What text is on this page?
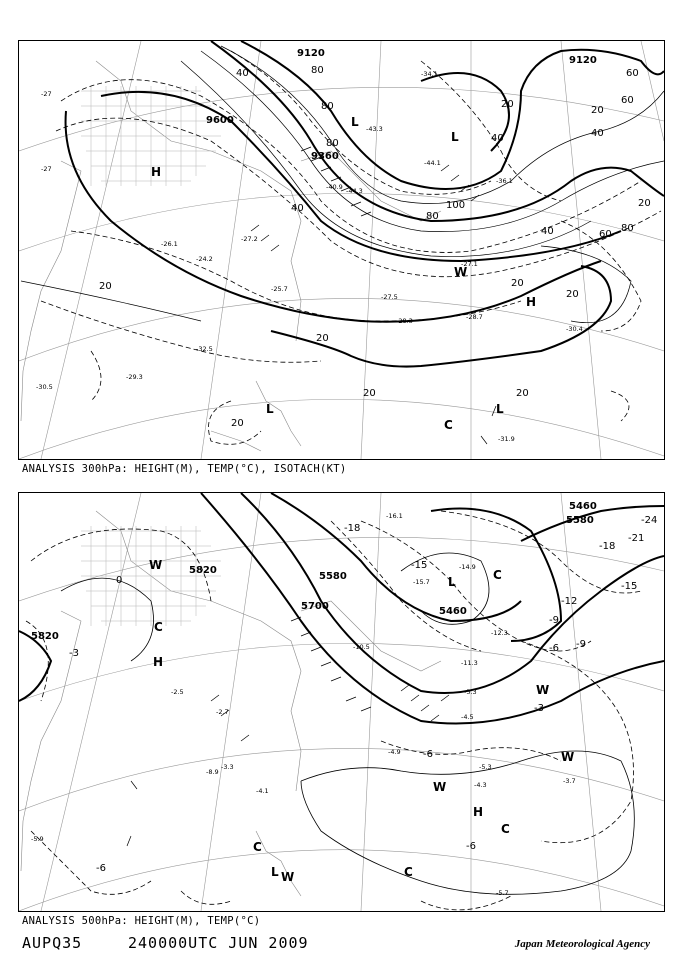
9120
9120
9600
9360
80
80
80
80
80
60
60
60
40
40	40
40
40
20
20
20
20
20
20
20
20	20
20
100
-27
-27
-26.1
-24.2
-27.2
-25.7
-27.5
-28.3
-27.1
-28.7
-30.5
-32.5
-29.3
-31.9
-34.1
-40.9 -44.3
-43.3
-44.1
-36.1
-30.4
H
L
L
H
W
L
C
L
ANALYSIS 300hPa: HEIGHT(M), TEMP(°C), ISOTACH(KT)
5460
5580
5820
5820
5700
5580
5460
-24
-21
-18
-18
-15
-15
-12
-9
-9
-6
-6
-6
-6
-3
-3
0
-16.1
-14.9
-15.7
-12.3
-10.5
-11.3
-5.3
-4.5
-4.9
-5.3
-4.3	-3.7
-5.7
-4.1
-3.3
-2.7
-2.5
-8.9
-5.9
W
C
H
L	C
W
W
H
W
C
C
L W	C
ANALYSIS 500hPa: HEIGHT(M), TEMP(°C)
AUPQ35	240000UTC JUN 2009	Japan Meteorological Agency
